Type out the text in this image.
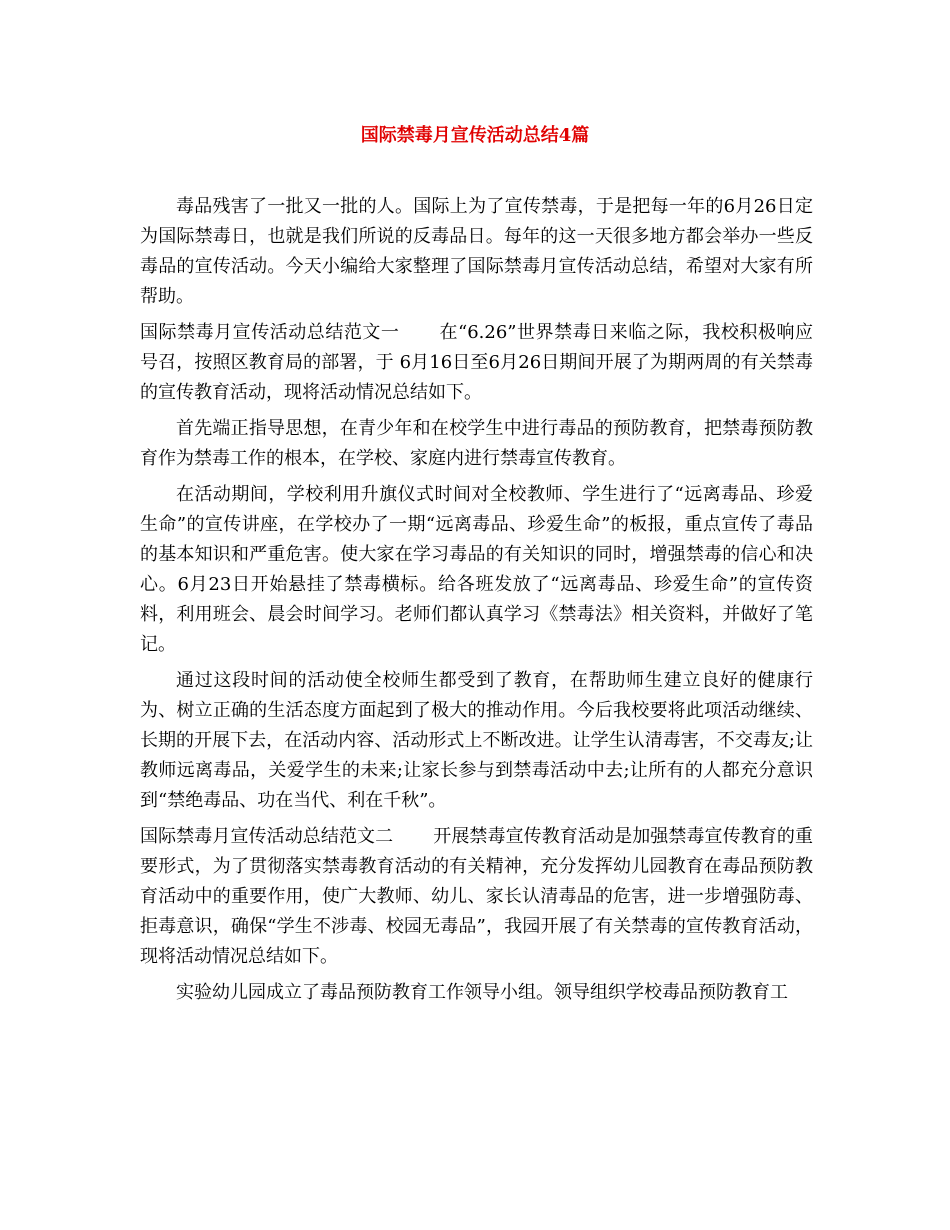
国际禁毒月宣传活动总结4篇

毒品残害了一批又一批的人。国际上为了宣传禁毒，于是把每一年的6月26日定为国际禁毒日，也就是我们所说的反毒品日。每年的这一天很多地方都会举办一些反毒品的宣传活动。今天小编给大家整理了国际禁毒月宣传活动总结，希望对大家有所帮助。

国际禁毒月宣传活动总结范文一 在“6.26”世界禁毒日来临之际，我校积极响应号召，按照区教育局的部署，于 6月16日至6月26日期间开展了为期两周的有关禁毒的宣传教育活动，现将活动情况总结如下。

首先端正指导思想，在青少年和在校学生中进行毒品的预防教育，把禁毒预防教育作为禁毒工作的根本，在学校、家庭内进行禁毒宣传教育。

在活动期间，学校利用升旗仪式时间对全校教师、学生进行了“远离毒品、珍爱生命”的宣传讲座，在学校办了一期“远离毒品、珍爱生命”的板报，重点宣传了毒品的基本知识和严重危害。使大家在学习毒品的有关知识的同时，增强禁毒的信心和决心。6月23日开始悬挂了禁毒横标。给各班发放了“远离毒品、珍爱生命”的宣传资料，利用班会、晨会时间学习。老师们都认真学习《禁毒法》相关资料，并做好了笔记。

通过这段时间的活动使全校师生都受到了教育，在帮助师生建立良好的健康行为、树立正确的生活态度方面起到了极大的推动作用。今后我校要将此项活动继续、长期的开展下去，在活动内容、活动形式上不断改进。让学生认清毒害，不交毒友;让教师远离毒品，关爱学生的未来;让家长参与到禁毒活动中去;让所有的人都充分意识到“禁绝毒品、功在当代、利在千秋”。

国际禁毒月宣传活动总结范文二 开展禁毒宣传教育活动是加强禁毒宣传教育的重要形式，为了贯彻落实禁毒教育活动的有关精神，充分发挥幼儿园教育在毒品预防教育活动中的重要作用，使广大教师、幼儿、家长认清毒品的危害，进一步增强防毒、拒毒意识，确保“学生不涉毒、校园无毒品”，我园开展了有关禁毒的宣传教育活动，现将活动情况总结如下。

实验幼儿园成立了毒品预防教育工作领导小组。领导组织学校毒品预防教育工
